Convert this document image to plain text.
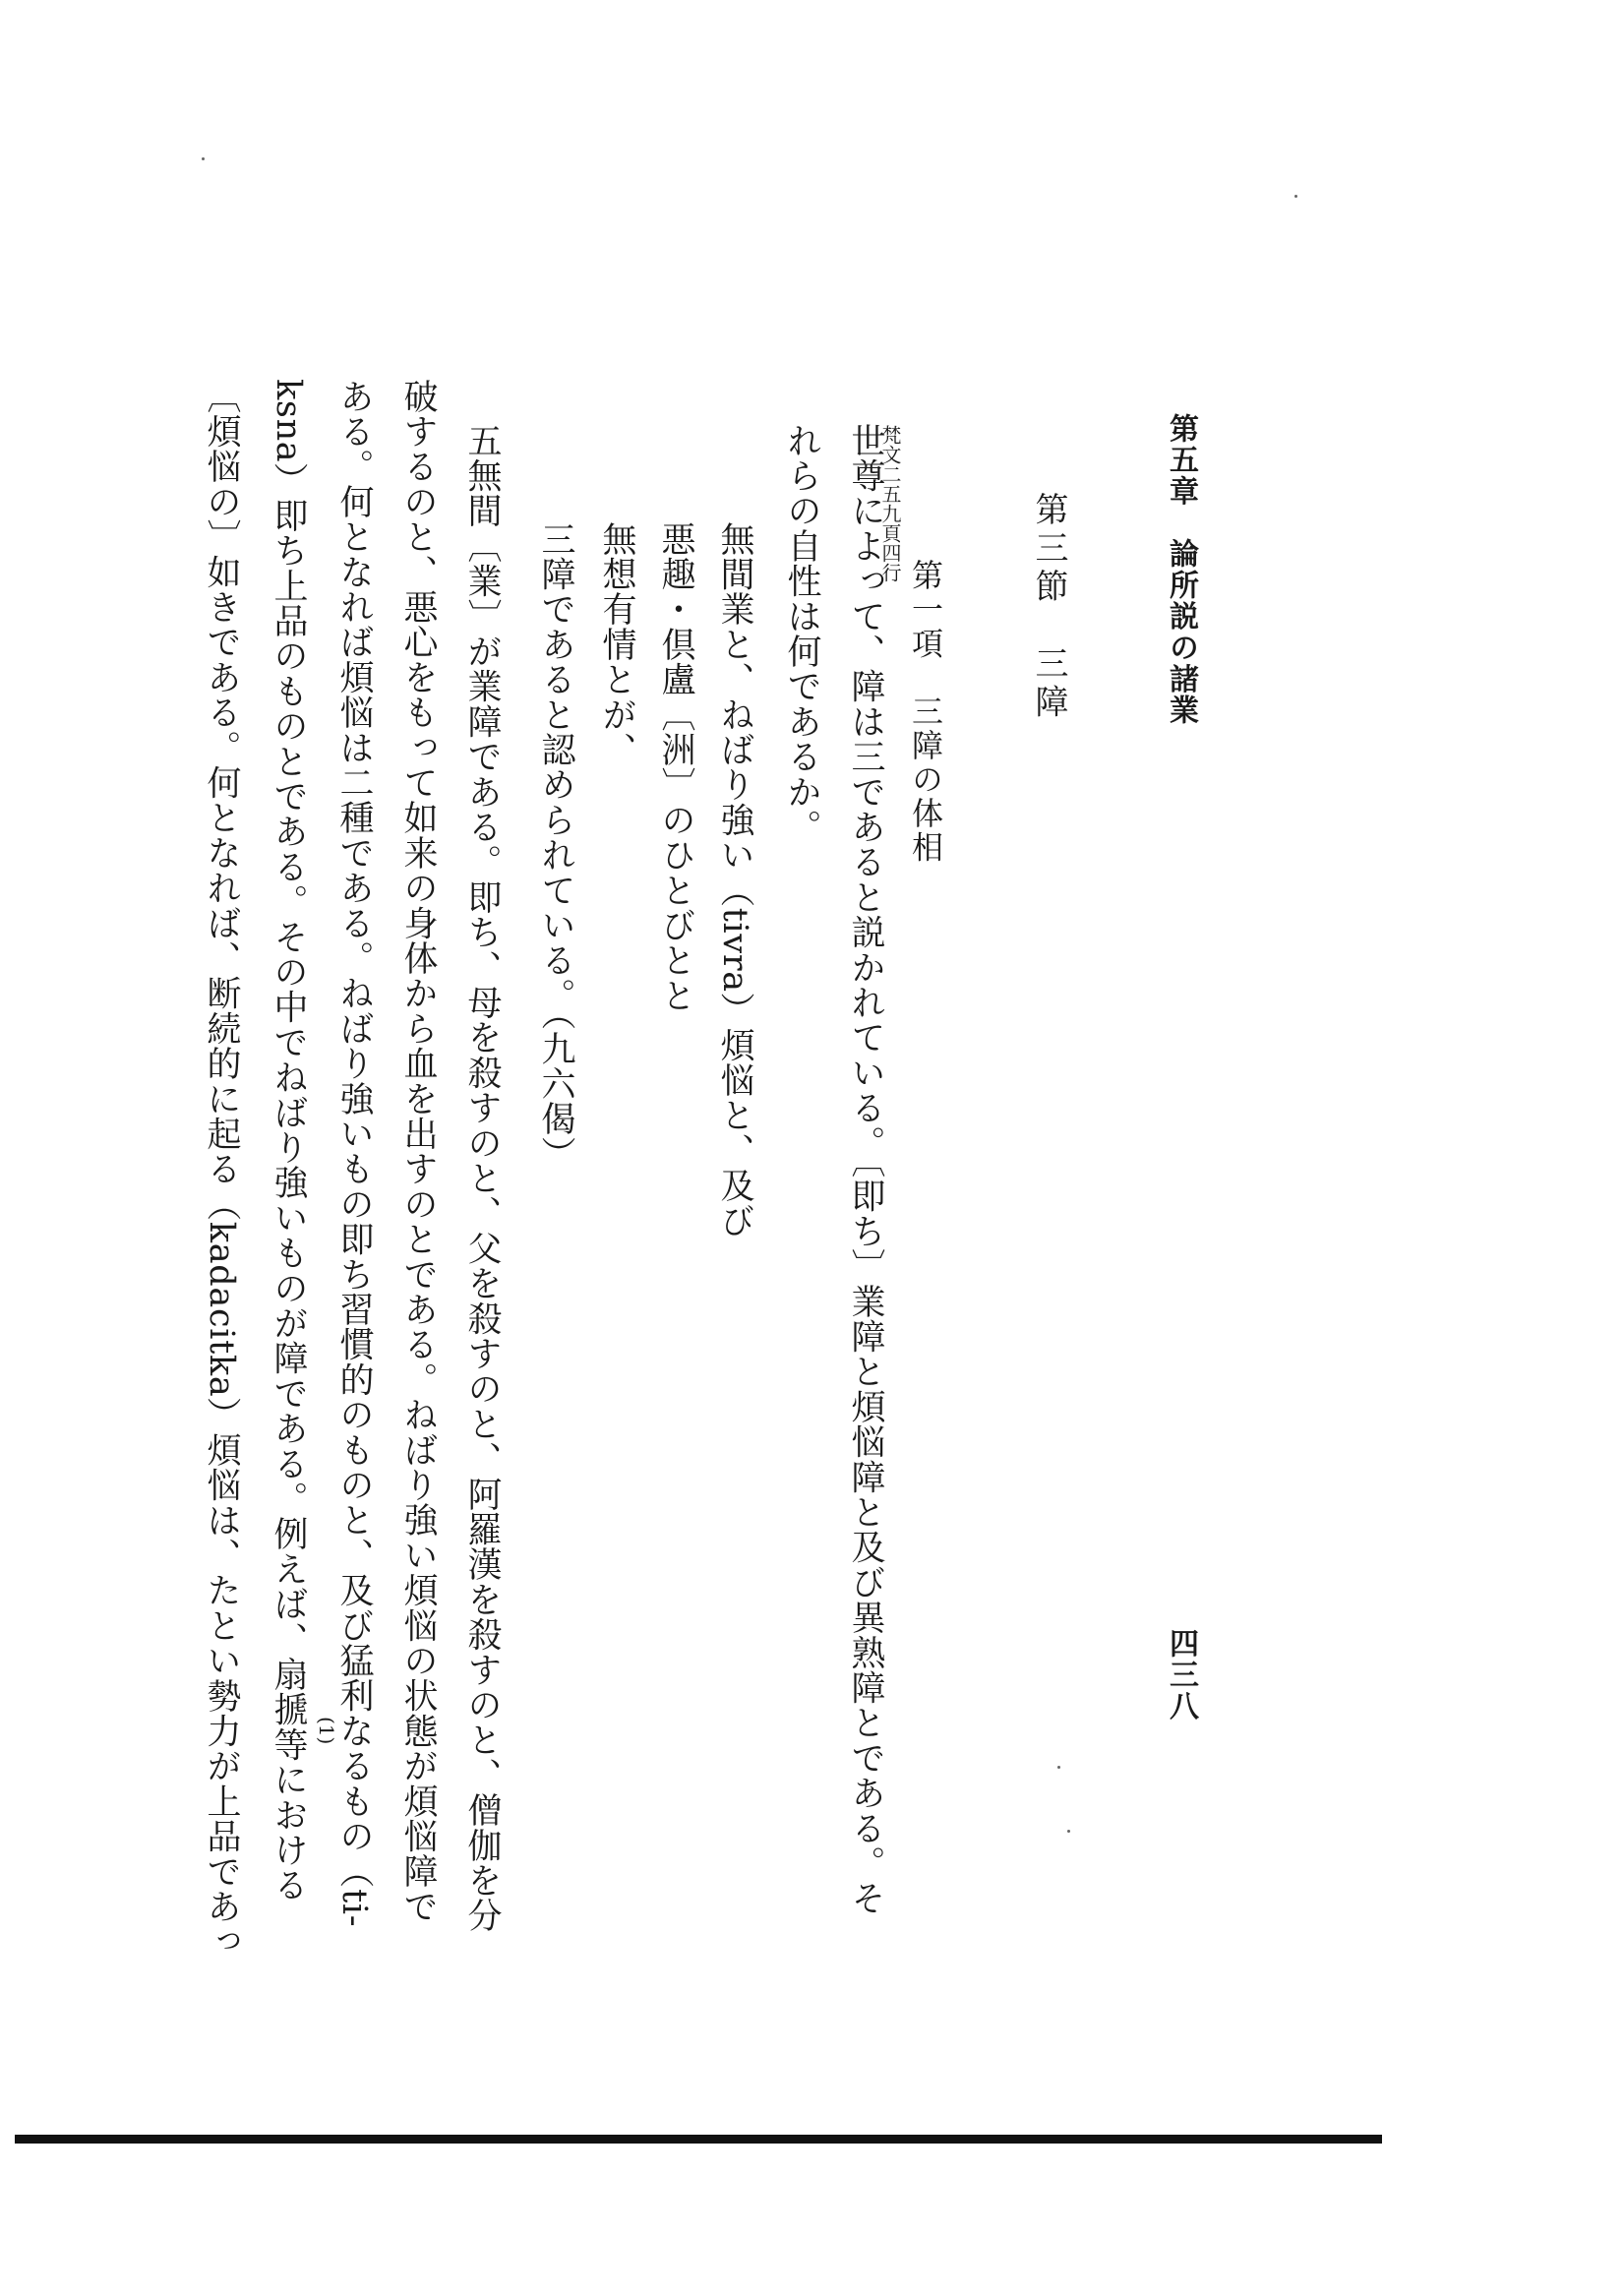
第五章　論所説の諸業
四三八
第三節　三障
第一項　三障の体相
梵文二五九頁四行
世尊によって、障は三であると説かれている。〔即ち〕業障と煩悩障と及び異熟障とである。そ
れらの自性は何であるか。
無間業と、ねばり強い（tivra）煩悩と、及び
悪趣・倶盧〔洲〕のひとびとと
無想有情とが、
三障であると認められている。（九六偈）
五無間〔業〕が業障である。即ち、母を殺すのと、父を殺すのと、阿羅漢を殺すのと、僧伽を分
破するのと、悪心をもって如来の身体から血を出すのとである。ねばり強い煩悩の状態が煩悩障で
ある。何となれば煩悩は二種である。ねばり強いもの即ち習慣的のものと、及び猛利なるもの（ti-
ksna）即ち上品のものとである。その中でねばり強いものが障である。例えば、扇搋等における
〔煩悩の〕如きである。何となれば、断続的に起る（kadacitka）煩悩は、たとい勢力が上品であっ	(1)
